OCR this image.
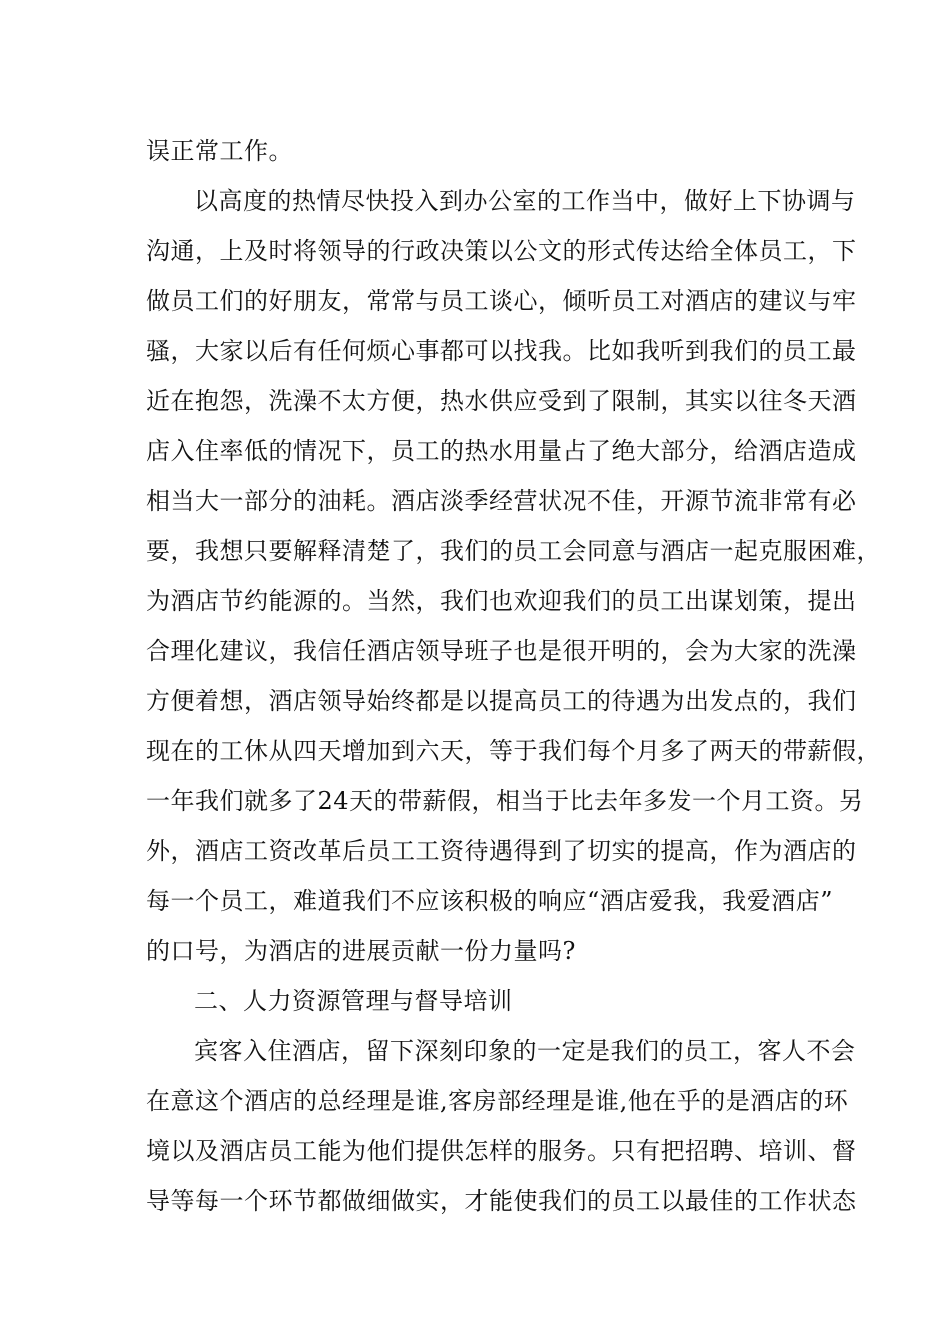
误正常工作。
以高度的热情尽快投入到办公室的工作当中，做好上下协调与
沟通，上及时将领导的行政决策以公文的形式传达给全体员工，下
做员工们的好朋友，常常与员工谈心，倾听员工对酒店的建议与牢
骚，大家以后有任何烦心事都可以找我。比如我听到我们的员工最
近在抱怨，洗澡不太方便，热水供应受到了限制，其实以往冬天酒
店入住率低的情况下，员工的热水用量占了绝大部分，给酒店造成
相当大一部分的油耗。酒店淡季经营状况不佳，开源节流非常有必
要，我想只要解释清楚了，我们的员工会同意与酒店一起克服困难，
为酒店节约能源的。当然，我们也欢迎我们的员工出谋划策，提出
合理化建议，我信任酒店领导班子也是很开明的，会为大家的洗澡
方便着想，酒店领导始终都是以提高员工的待遇为出发点的，我们
现在的工休从四天增加到六天，等于我们每个月多了两天的带薪假，
一年我们就多了24天的带薪假，相当于比去年多发一个月工资。另
外，酒店工资改革后员工工资待遇得到了切实的提高，作为酒店的
每一个员工，难道我们不应该积极的响应“酒店爱我，我爱酒店”
的口号，为酒店的进展贡献一份力量吗?
二、人力资源管理与督导培训
宾客入住酒店，留下深刻印象的一定是我们的员工，客人不会
在意这个酒店的总经理是谁,客房部经理是谁,他在乎的是酒店的环
境以及酒店员工能为他们提供怎样的服务。只有把招聘、培训、督
导等每一个环节都做细做实，才能使我们的员工以最佳的工作状态
